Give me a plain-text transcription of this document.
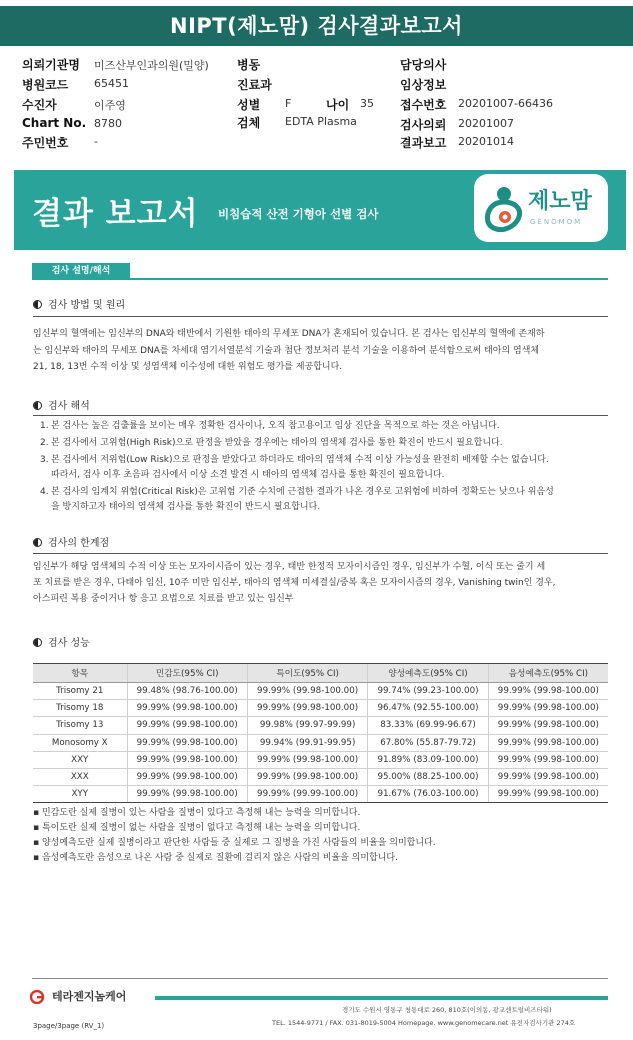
NIPT(제노맘) 검사결과보고서
의뢰기관명 미즈산부인과의원(밀양)
병원코드 65451
수진자	이주영
Chart No. 8780
주민번호 -
병동
진료과
성별 F	나이 35
검체 EDTA Plasma
담당의사
임상정보
접수번호 20201007-66436
검사의뢰 20201007
결과보고 20201014
결과 보고서 비침습적 산전 기형아 선별 검사	제노맘
GENOMOM
검사 설명/해석
검사 방법 및 원리
임신부의 혈액에는 임신부의 DNA와 태반에서 기원한 태아의 무세포 DNA가 혼재되어 있습니다. 본 검사는 임신부의 혈액에 존재하
는 임신부와 태아의 무세포 DNA를 차세대 염기서열분석 기술과 첨단 정보처리 분석 기술을 이용하여 분석함으로써 태아의 염색체
21, 18, 13번 수적 이상 및 성염색체 이수성에 대한 위험도 평가를 제공합니다.
검사 해석
1. 본 검사는 높은 검출률을 보이는 매우 정확한 검사이나, 오직 참고용이고 임상 진단을 목적으로 하는 것은 아닙니다.
2. 본 검사에서 고위험(High Risk)으로 판정을 받았을 경우에는 태아의 염색체 검사를 통한 확진이 반드시 필요합니다.
3. 본 검사에서 저위험(Low Risk)으로 판정을 받았다고 하더라도 태아의 염색체 수적 이상 가능성을 완전히 배제할 수는 없습니다.
따라서, 검사 이후 초음파 검사에서 이상 소견 발견 시 태아의 염색체 검사를 통한 확진이 필요합니다.
4. 본 검사의 임계치 위험(Critical Risk)은 고위험 기준 수치에 근접한 결과가 나온 경우로 고위험에 비하여 정확도는 낮으나 위음성
을 방지하고자 태아의 염색체 검사를 통한 확진이 반드시 필요합니다.
검사의 한계점
임신부가 해당 염색체의 수적 이상 또는 모자이시즘이 있는 경우, 태반 한정적 모자이시즘인 경우, 임신부가 수혈, 이식 또는 줄기 세
포 치료를 받은 경우, 다태아 임신, 10주 미만 임신부, 태아의 염색체 미세결실/중복 혹은 모자이시즘의 경우, Vanishing twin인 경우,
아스피린 복용 중이거나 항 응고 요법으로 치료를 받고 있는 임신부
검사 성능
항목	민감도(95% CI)	특이도(95% CI)	양성예측도(95% CI)	음성예측도(95% CI)
Trisomy 21	99.48% (98.76-100.00)	99.99% (99.98-100.00)	99.74% (99.23-100.00)	99.99% (99.98-100.00)
Trisomy 18	99.99% (99.98-100.00)	99.99% (99.98-100.00)	96.47% (92.55-100.00)	99.99% (99.98-100.00)
Trisomy 13	99.99% (99.98-100.00)	99.98% (99.97-99.99)	83.33% (69.99-96.67)	99.99% (99.98-100.00)
Monosomy X	99.99% (99.98-100.00)	99.94% (99.91-99.95)	67.80% (55.87-79.72)	99.99% (99.98-100.00)
XXY	99.99% (99.98-100.00)	99.99% (99.98-100.00)	91.89% (83.09-100.00)	99.99% (99.98-100.00)
XXX	99.99% (99.98-100.00)	99.99% (99.98-100.00)	95.00% (88.25-100.00)	99.99% (99.98-100.00)
XYY	99.99% (99.98-100.00)	99.99% (99.99-100.00)	91.67% (76.03-100.00)	99.99% (99.98-100.00)
▪ 민감도란 실제 질병이 있는 사람을 질병이 있다고 측정해 내는 능력을 의미합니다.
▪ 특이도란 실제 질병이 없는 사람을 질병이 없다고 측정해 내는 능력을 의미합니다.
▪ 양성예측도란 실제 질병이라고 판단한 사람들 중 실제로 그 질병을 가진 사람들의 비율을 의미합니다.
▪ 음성예측도란 음성으로 나온 사람 중 실제로 질환에 걸리지 않은 사람의 비율을 의미합니다.
테라젠지놈케어
경기도 수원시 영통구 청통대로 260, 810호(이의동, 광교센트럴비즈타워)
TEL. 1544-9771 / FAX. 031-8019-5004 Homepage. www.genomecare.net 유전자검사기관 274호
3page/3page (RV_1)
